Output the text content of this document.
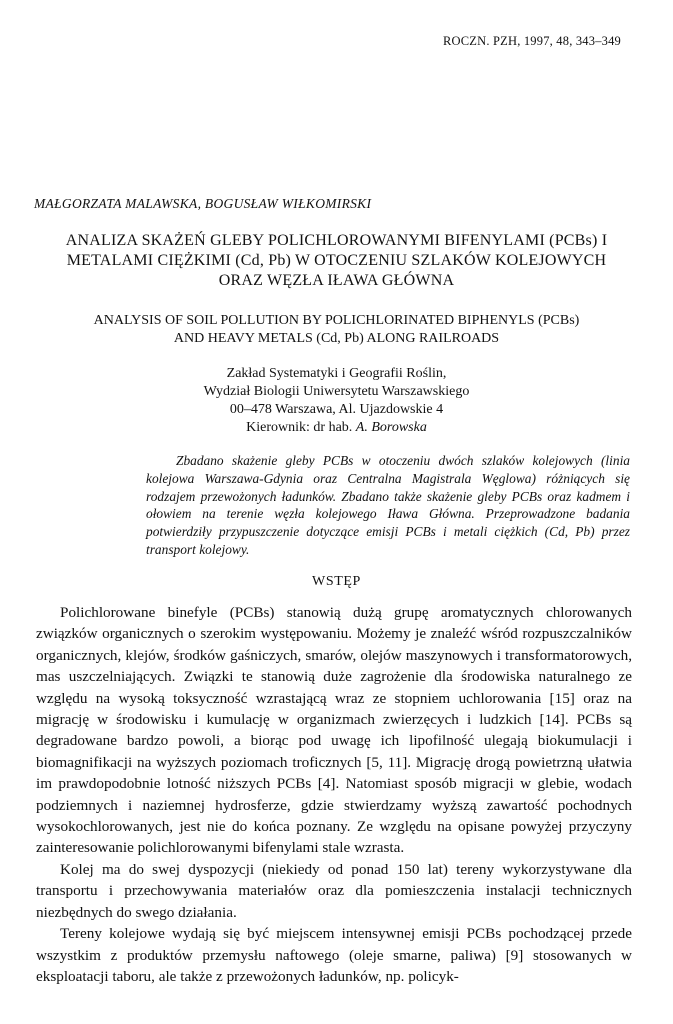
ROCZN. PZH, 1997, 48, 343–349
MAŁGORZATA MALAWSKA, BOGUSŁAW WIŁKOMIRSKI
ANALIZA SKAŻEŃ GLEBY POLICHLOROWANYMI BIFENYLAMI (PCBs) I
METALAMI CIĘŻKIMI (Cd, Pb) W OTOCZENIU SZLAKÓW KOLEJOWYCH
ORAZ WĘZŁA IŁAWA GŁÓWNA
ANALYSIS OF SOIL POLLUTION BY POLICHLORINATED BIPHENYLS (PCBs)
AND HEAVY METALS (Cd, Pb) ALONG RAILROADS
Zakład Systematyki i Geografii Roślin,
Wydział Biologii Uniwersytetu Warszawskiego
00–478 Warszawa, Al. Ujazdowskie 4
Kierownik: dr hab. A. Borowska
Zbadano skażenie gleby PCBs w otoczeniu dwóch szlaków kolejowych (linia kolejowa Warszawa-Gdynia oraz Centralna Magistrala Węglowa) różniących się rodzajem przewożonych ładunków. Zbadano także skażenie gleby PCBs oraz kadmem i ołowiem na terenie węzła kolejowego Iława Główna. Przeprowadzone badania potwierdziły przypuszczenie dotyczące emisji PCBs i metali ciężkich (Cd, Pb) przez transport kolejowy.
WSTĘP

Polichlorowane binefyle (PCBs) stanowią dużą grupę aromatycznych chlorowanych związków organicznych o szerokim występowaniu. Możemy je znaleźć wśród rozpuszczalników organicznych, klejów, środków gaśniczych, smarów, olejów maszynowych i transformatorowych, mas uszczelniających. Związki te stanowią duże zagrożenie dla środowiska naturalnego ze względu na wysoką toksyczność wzrastającą wraz ze stopniem uchlorowania [15] oraz na migrację w środowisku i kumulację w organizmach zwierzęcych i ludzkich [14]. PCBs są degradowane bardzo powoli, a biorąc pod uwagę ich lipofilność ulegają biokumulacji i biomagnifikacji na wyższych poziomach troficznych [5, 11]. Migrację drogą powietrzną ułatwia im prawdopodobnie lotność niższych PCBs [4]. Natomiast sposób migracji w glebie, wodach podziemnych i naziemnej hydrosferze, gdzie stwierdzamy wyższą zawartość pochodnych wysokochlorowanych, jest nie do końca poznany. Ze względu na opisane powyżej przyczyny zainteresowanie polichlorowanymi bifenylami stale wzrasta.

Kolej ma do swej dyspozycji (niekiedy od ponad 150 lat) tereny wykorzystywane dla transportu i przechowywania materiałów oraz dla pomieszczenia instalacji technicznych niezbędnych do swego działania.

Tereny kolejowe wydają się być miejscem intensywnej emisji PCBs pochodzącej przede wszystkim z produktów przemysłu naftowego (oleje smarne, paliwa) [9] stosowanych w eksploatacji taboru, ale także z przewożonych ładunków, np. policyk-
